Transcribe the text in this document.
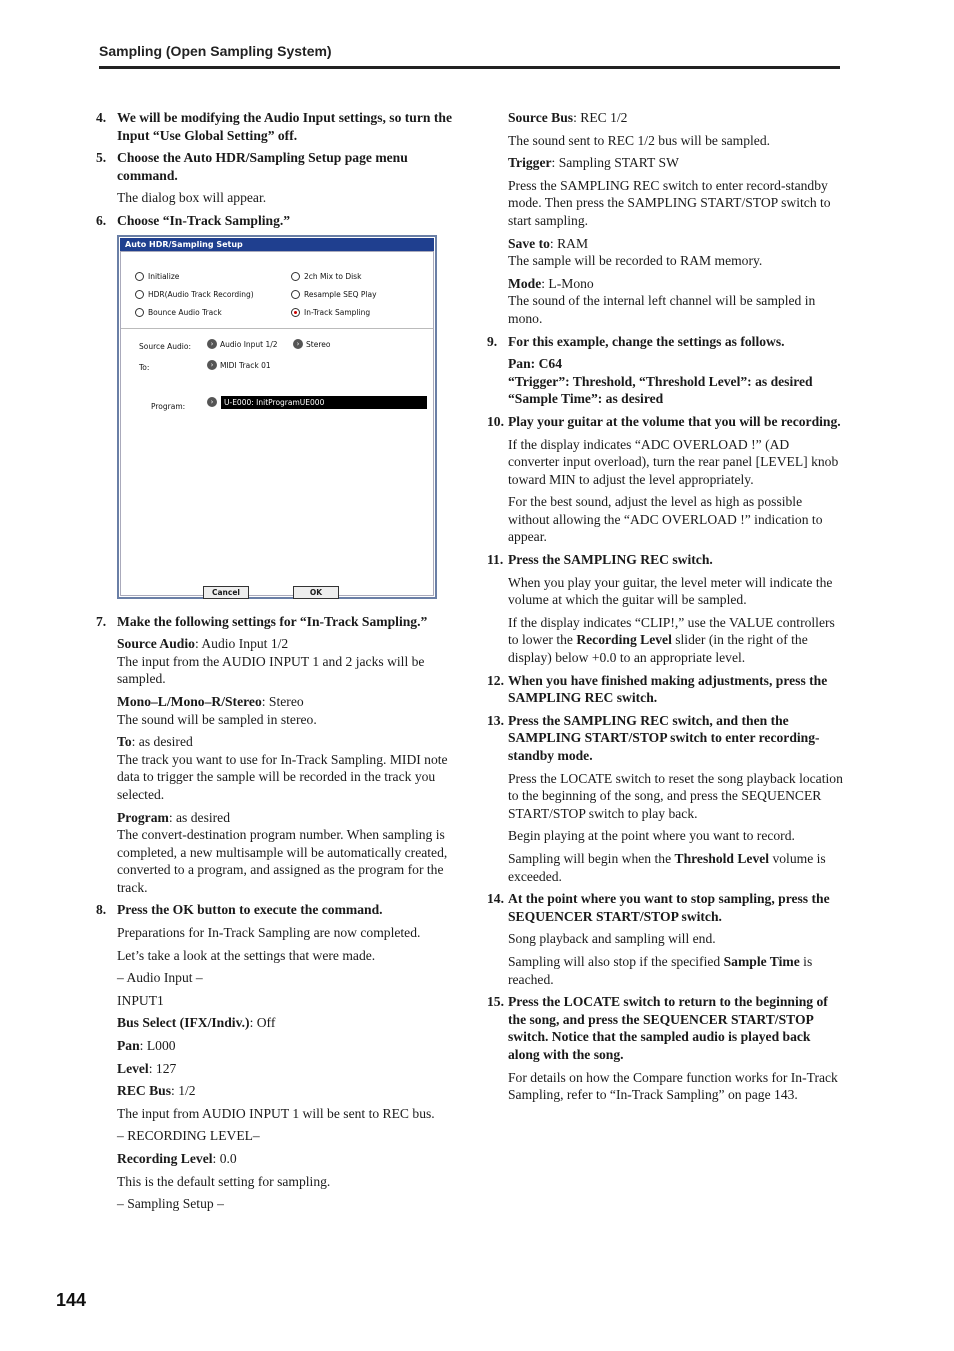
Sampling (Open Sampling System)
4. We will be modifying the Audio Input settings, so turn the Input “Use Global Setting” off.
5. Choose the Auto HDR/Sampling Setup page menu command.
The dialog box will appear.
6. Choose “In-Track Sampling.”
Auto HDR/Sampling Setup
Initialize	2ch Mix to Disk
HDR(Audio Track Recording)	Resample SEQ Play
Bounce Audio Track	In-Track Sampling
Source Audio:	› Audio Input 1/2	› Stereo
To:	› MIDI Track 01
Program:	›	U-E000: InitProgramUE000
Cancel	OK
7. Make the following settings for “In-Track Sampling.”
Source Audio: Audio Input 1/2
The input from the AUDIO INPUT 1 and 2 jacks will be sampled.
Mono–L/Mono–R/Stereo: Stereo
The sound will be sampled in stereo.
To: as desired
The track you want to use for In-Track Sampling. MIDI note data to trigger the sample will be recorded in the track you selected.
Program: as desired
The convert-destination program number. When sampling is completed, a new multisample will be automatically created, converted to a program, and assigned as the program for the track.
8. Press the OK button to execute the command.
Preparations for In-Track Sampling are now completed.
Let’s take a look at the settings that were made.
– Audio Input –
INPUT1
Bus Select (IFX/Indiv.): Off
Pan: L000
Level: 127
REC Bus: 1/2
The input from AUDIO INPUT 1 will be sent to REC bus.
– RECORDING LEVEL–
Recording Level: 0.0
This is the default setting for sampling.
– Sampling Setup –
Source Bus: REC 1/2
The sound sent to REC 1/2 bus will be sampled.
Trigger: Sampling START SW
Press the SAMPLING REC switch to enter record-standby mode. Then press the SAMPLING START/STOP switch to start sampling.
Save to: RAM
The sample will be recorded to RAM memory.
Mode: L-Mono
The sound of the internal left channel will be sampled in mono.
9. For this example, change the settings as follows.
Pan: C64
“Trigger”: Threshold, “Threshold Level”: as desired
“Sample Time”: as desired
10. Play your guitar at the volume that you will be recording.
If the display indicates “ADC OVERLOAD !” (AD converter input overload), turn the rear panel [LEVEL] knob toward MIN to adjust the level appropriately.
For the best sound, adjust the level as high as possible without allowing the “ADC OVERLOAD !” indication to appear.
11. Press the SAMPLING REC switch.
When you play your guitar, the level meter will indicate the volume at which the guitar will be sampled.
If the display indicates “CLIP!,” use the VALUE controllers to lower the Recording Level slider (in the right of the display) below +0.0 to an appropriate level.
12. When you have finished making adjustments, press the SAMPLING REC switch.
13. Press the SAMPLING REC switch, and then the SAMPLING START/STOP switch to enter recording-standby mode.
Press the LOCATE switch to reset the song playback location to the beginning of the song, and press the SEQUENCER START/STOP switch to play back.
Begin playing at the point where you want to record.
Sampling will begin when the Threshold Level volume is exceeded.
14. At the point where you want to stop sampling, press the SEQUENCER START/STOP switch.
Song playback and sampling will end.
Sampling will also stop if the specified Sample Time is reached.
15. Press the LOCATE switch to return to the beginning of the song, and press the SEQUENCER START/STOP switch. Notice that the sampled audio is played back along with the song.
For details on how the Compare function works for In-Track Sampling, refer to “In-Track Sampling” on page 143.
144
